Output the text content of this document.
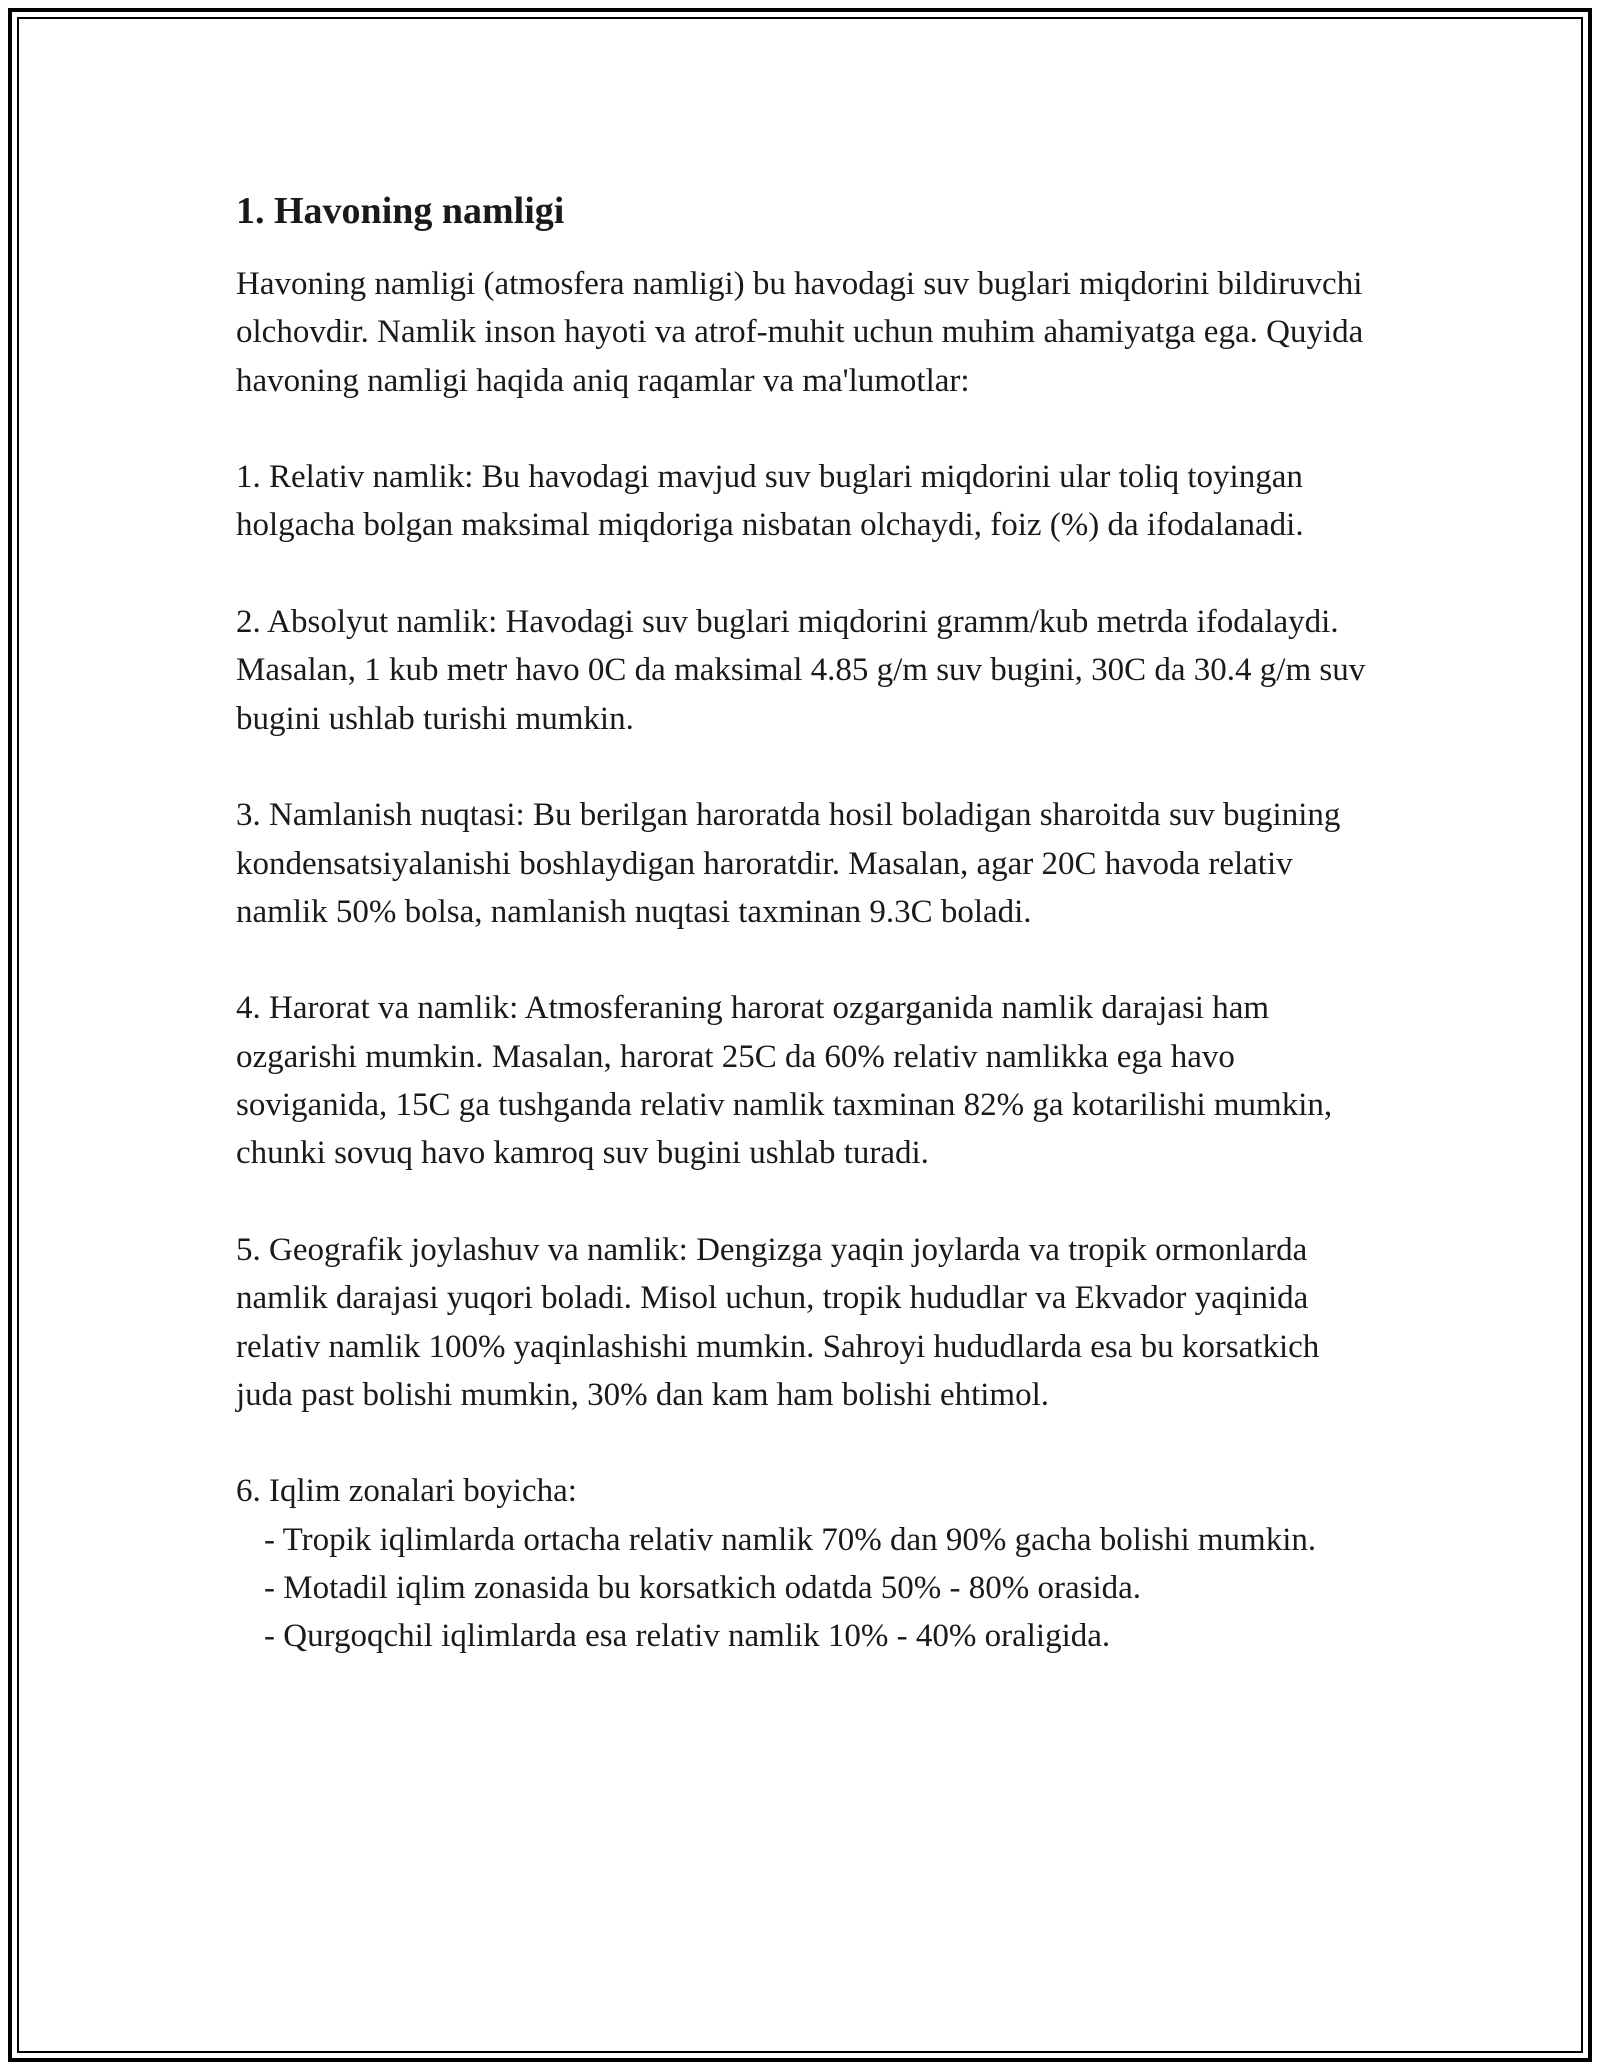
1. Havoning namligi

Havoning namligi (atmosfera namligi) bu havodagi suv buglari miqdorini bildiruvchi olchovdir. Namlik inson hayoti va atrof-muhit uchun muhim ahamiyatga ega. Quyida havoning namligi haqida aniq raqamlar va ma'lumotlar:

1. Relativ namlik: Bu havodagi mavjud suv buglari miqdorini ular toliq toyingan holgacha bolgan maksimal miqdoriga nisbatan olchaydi, foiz (%) da ifodalanadi.

2. Absolyut namlik: Havodagi suv buglari miqdorini gramm/kub metrda ifodalaydi. Masalan, 1 kub metr havo 0C da maksimal 4.85 g/m suv bugini, 30C da 30.4 g/m suv bugini ushlab turishi mumkin.

3. Namlanish nuqtasi: Bu berilgan haroratda hosil boladigan sharoitda suv bugining kondensatsiyalanishi boshlaydigan haroratdir. Masalan, agar 20C havoda relativ namlik 50% bolsa, namlanish nuqtasi taxminan 9.3C boladi.

4. Harorat va namlik: Atmosferaning harorat ozgarganida namlik darajasi ham ozgarishi mumkin. Masalan, harorat 25C da 60% relativ namlikka ega havo soviganida, 15C ga tushganda relativ namlik taxminan 82% ga kotarilishi mumkin, chunki sovuq havo kamroq suv bugini ushlab turadi.

5. Geografik joylashuv va namlik: Dengizga yaqin joylarda va tropik ormonlarda namlik darajasi yuqori boladi. Misol uchun, tropik hududlar va Ekvador yaqinida relativ namlik 100% yaqinlashishi mumkin. Sahroyi hududlarda esa bu korsatkich juda past bolishi mumkin, 30% dan kam ham bolishi ehtimol.

6. Iqlim zonalari boyicha:

- Tropik iqlimlarda ortacha relativ namlik 70% dan 90% gacha bolishi mumkin.

- Motadil iqlim zonasida bu korsatkich odatda 50% - 80% orasida.

- Qurgoqchil iqlimlarda esa relativ namlik 10% - 40% oraligida.
